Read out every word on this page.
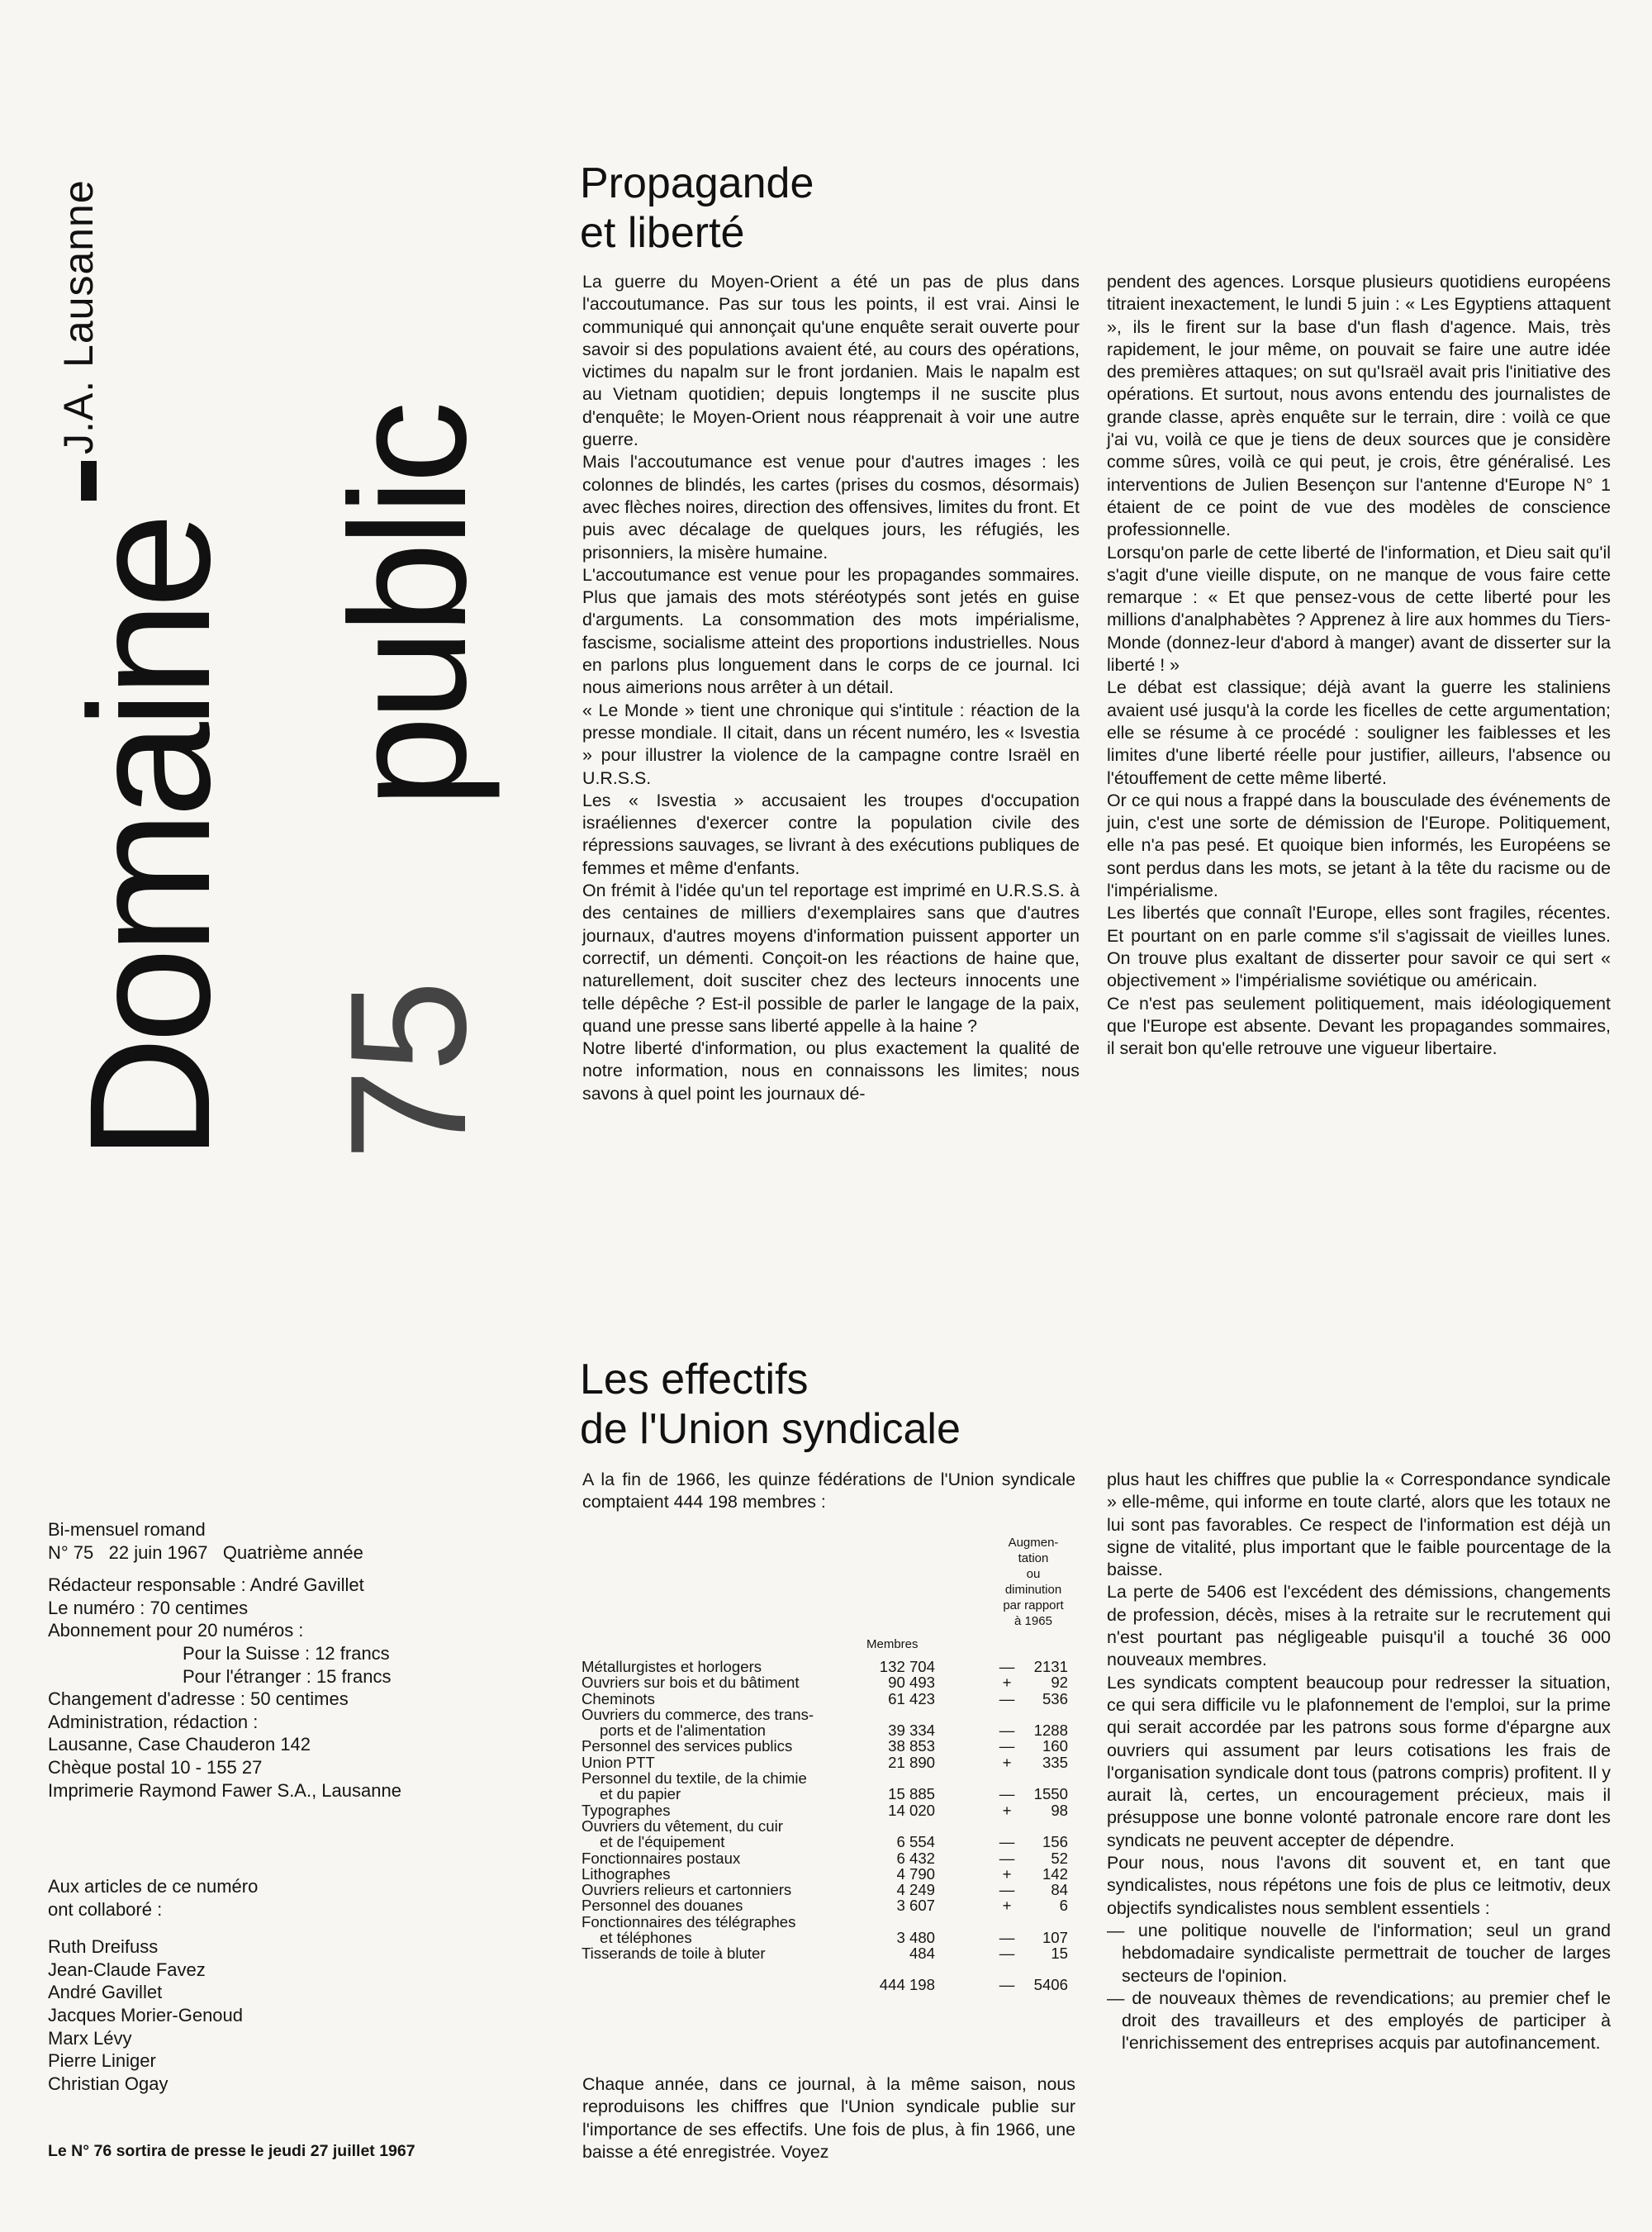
Domaine public
75
J.A. Lausanne	Propagande
et liberté

La guerre du Moyen-Orient a été un pas de plus dans l'accoutumance. Pas sur tous les points, il est vrai. Ainsi le communiqué qui annonçait qu'une enquête serait ouverte pour savoir si des populations avaient été, au cours des opérations, victimes du napalm sur le front jordanien. Mais le napalm est au Vietnam quotidien; depuis longtemps il ne suscite plus d'enquête; le Moyen-Orient nous réapprenait à voir une autre guerre.

Mais l'accoutumance est venue pour d'autres images : les colonnes de blindés, les cartes (prises du cosmos, désormais) avec flèches noires, direction des offensives, limites du front. Et puis avec décalage de quelques jours, les réfugiés, les prisonniers, la misère humaine.

L'accoutumance est venue pour les propagandes sommaires. Plus que jamais des mots stéréotypés sont jetés en guise d'arguments. La consommation des mots impérialisme, fascisme, socialisme atteint des proportions industrielles. Nous en parlons plus longuement dans le corps de ce journal. Ici nous aimerions nous arrêter à un détail.

« Le Monde » tient une chronique qui s'intitule : réaction de la presse mondiale. Il citait, dans un récent numéro, les « Isvestia » pour illustrer la violence de la campagne contre Israël en U.R.S.S.

Les « Isvestia » accusaient les troupes d'occupation israéliennes d'exercer contre la population civile des répressions sauvages, se livrant à des exécutions publiques de femmes et même d'enfants.

On frémit à l'idée qu'un tel reportage est imprimé en U.R.S.S. à des centaines de milliers d'exemplaires sans que d'autres journaux, d'autres moyens d'information puissent apporter un correctif, un démenti. Conçoit-on les réactions de haine que, naturellement, doit susciter chez des lecteurs innocents une telle dépêche ? Est-il possible de parler le langage de la paix, quand une presse sans liberté appelle à la haine ?

Notre liberté d'information, ou plus exactement la qualité de notre information, nous en connaissons les limites; nous savons à quel point les journaux dé-

pendent des agences. Lorsque plusieurs quotidiens européens titraient inexactement, le lundi 5 juin : « Les Egyptiens attaquent », ils le firent sur la base d'un flash d'agence. Mais, très rapidement, le jour même, on pouvait se faire une autre idée des premières attaques; on sut qu'Israël avait pris l'initiative des opérations. Et surtout, nous avons entendu des journalistes de grande classe, après enquête sur le terrain, dire : voilà ce que j'ai vu, voilà ce que je tiens de deux sources que je considère comme sûres, voilà ce qui peut, je crois, être généralisé. Les interventions de Julien Besençon sur l'antenne d'Europe N° 1 étaient de ce point de vue des modèles de conscience professionnelle.

Lorsqu'on parle de cette liberté de l'information, et Dieu sait qu'il s'agit d'une vieille dispute, on ne manque de vous faire cette remarque : « Et que pensez-vous de cette liberté pour les millions d'analphabètes ? Apprenez à lire aux hommes du Tiers-Monde (donnez-leur d'abord à manger) avant de disserter sur la liberté ! »

Le débat est classique; déjà avant la guerre les staliniens avaient usé jusqu'à la corde les ficelles de cette argumentation; elle se résume à ce procédé : souligner les faiblesses et les limites d'une liberté réelle pour justifier, ailleurs, l'absence ou l'étouffement de cette même liberté.

Or ce qui nous a frappé dans la bousculade des événements de juin, c'est une sorte de démission de l'Europe. Politiquement, elle n'a pas pesé. Et quoique bien informés, les Européens se sont perdus dans les mots, se jetant à la tête du racisme ou de l'impérialisme.

Les libertés que connaît l'Europe, elles sont fragiles, récentes. Et pourtant on en parle comme s'il s'agissait de vieilles lunes. On trouve plus exaltant de disserter pour savoir ce qui sert « objectivement » l'impérialisme soviétique ou américain.

Ce n'est pas seulement politiquement, mais idéologiquement que l'Europe est absente. Devant les propagandes sommaires, il serait bon qu'elle retrouve une vigueur libertaire.

Les effectifs
de l'Union syndicale

A la fin de 1966, les quinze fédérations de l'Union syndicale comptaient 444 198 membres :

Membres
Augmen-
tation
ou
diminution
par rapport
à 1965
Métallurgistes et horlogers	132 704	—	2131
Ouvriers sur bois et du bâtiment	90 493	+	92
Cheminots	61 423	—	536
Ouvriers du commerce, des trans-
ports et de l'alimentation	39 334	—	1288
Personnel des services publics	38 853	—	160
Union PTT	21 890	+	335
Personnel du textile, de la chimie
et du papier	15 885	—	1550
Typographes	14 020	+	98
Ouvriers du vêtement, du cuir
et de l'équipement	6 554	—	156
Fonctionnaires postaux	6 432	—	52
Lithographes	4 790	+	142
Ouvriers relieurs et cartonniers	4 249	—	84
Personnel des douanes	3 607	+	6
Fonctionnaires des télégraphes
et téléphones	3 480	—	107
Tisserands de toile à bluter	484	—	15

444 198	—	5406

Chaque année, dans ce journal, à la même saison, nous reproduisons les chiffres que l'Union syndicale publie sur l'importance de ses effectifs. Une fois de plus, à fin 1966, une baisse a été enregistrée. Voyez

plus haut les chiffres que publie la « Correspondance syndicale » elle-même, qui informe en toute clarté, alors que les totaux ne lui sont pas favorables. Ce respect de l'information est déjà un signe de vitalité, plus important que le faible pourcentage de la baisse.

La perte de 5406 est l'excédent des démissions, changements de profession, décès, mises à la retraite sur le recrutement qui n'est pourtant pas négligeable puisqu'il a touché 36 000 nouveaux membres.

Les syndicats comptent beaucoup pour redresser la situation, ce qui sera difficile vu le plafonnement de l'emploi, sur la prime qui serait accordée par les patrons sous forme d'épargne aux ouvriers qui assument par leurs cotisations les frais de l'organisation syndicale dont tous (patrons compris) profitent. Il y aurait là, certes, un encouragement précieux, mais il présuppose une bonne volonté patronale encore rare dont les syndicats ne peuvent accepter de dépendre.

Pour nous, nous l'avons dit souvent et, en tant que syndicalistes, nous répétons une fois de plus ce leitmotiv, deux objectifs syndicalistes nous semblent essentiels :

— une politique nouvelle de l'information; seul un grand hebdomadaire syndicaliste permettrait de toucher de larges secteurs de l'opinion.

— de nouveaux thèmes de revendications; au premier chef le droit des travailleurs et des employés de participer à l'enrichissement des entreprises acquis par autofinancement.

Bi-mensuel romand
N° 75   22 juin 1967   Quatrième année
Rédacteur responsable : André Gavillet
Le numéro : 70 centimes
Abonnement pour 20 numéros :
Pour la Suisse : 12 francs
Pour l'étranger : 15 francs
Changement d'adresse : 50 centimes
Administration, rédaction :
Lausanne, Case Chauderon 142
Chèque postal 10 - 155 27
Imprimerie Raymond Fawer S.A., Lausanne
Aux articles de ce numéro
ont collaboré :
Ruth Dreifuss
Jean-Claude Favez
André Gavillet
Jacques Morier-Genoud
Marx Lévy
Pierre Liniger
Christian Ogay
Le N° 76 sortira de presse le jeudi 27 juillet 1967
